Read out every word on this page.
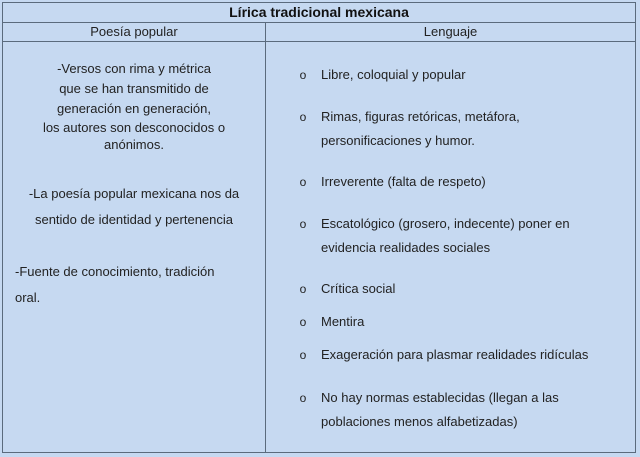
Lírica tradicional mexicana
Poesía popular	Lenguaje
-Versos con rima y métrica
que se han transmitido de
generación en generación,
los autores son desconocidos o
anónimos.
-La poesía popular mexicana nos da
sentido de identidad y pertenencia
-Fuente de conocimiento, tradición
oral.
o Libre, coloquial y popular
o Rimas, figuras retóricas, metáfora,
personificaciones y humor.
o Irreverente (falta de respeto)
o Escatológico (grosero, indecente) poner en
evidencia realidades sociales
o Crítica social
o Mentira
o Exageración para plasmar realidades ridículas
o No hay normas establecidas (llegan a las
poblaciones menos alfabetizadas)
